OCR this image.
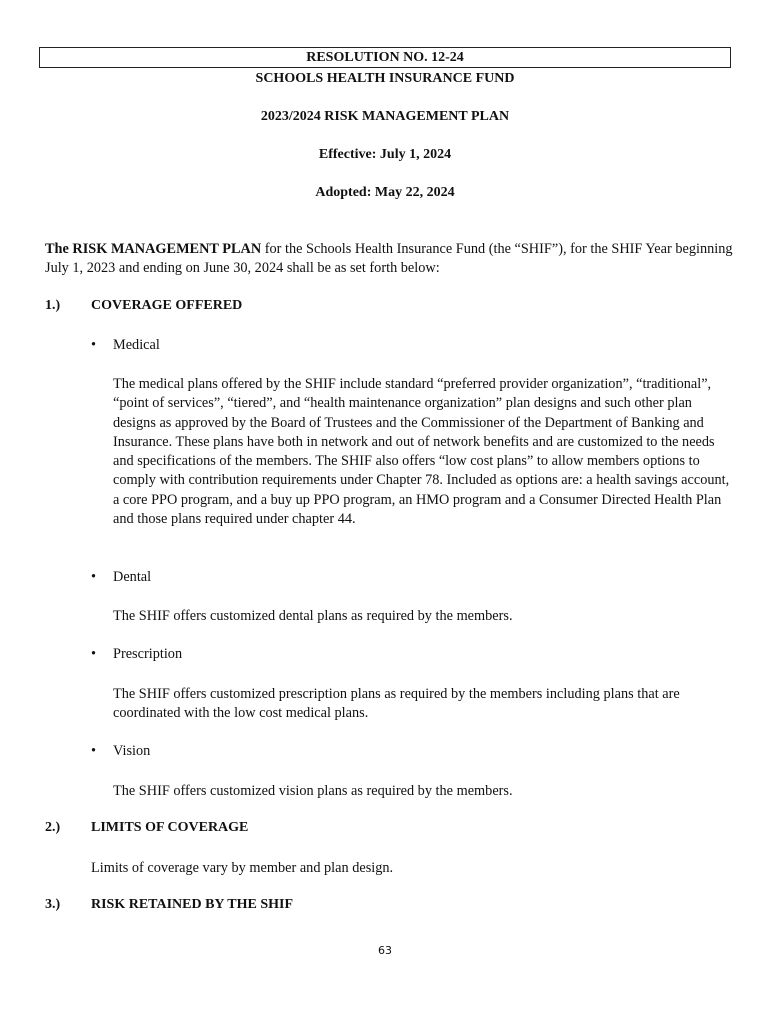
RESOLUTION NO. 12-24
SCHOOLS HEALTH INSURANCE FUND
2023/2024 RISK MANAGEMENT PLAN
Effective: July 1, 2024
Adopted: May 22, 2024
The RISK MANAGEMENT PLAN for the Schools Health Insurance Fund (the “SHIF”), for the SHIF Year beginning July 1, 2023 and ending on June 30, 2024 shall be as set forth below:
1.) COVERAGE OFFERED
• Medical
The medical plans offered by the SHIF include standard “preferred provider organization”, “traditional”, “point of services”, “tiered”, and “health maintenance organization” plan designs and such other plan designs as approved by the Board of Trustees and the Commissioner of the Department of Banking and Insurance. These plans have both in network and out of network benefits and are customized to the needs and specifications of the members. The SHIF also offers “low cost plans” to allow members options to comply with contribution requirements under Chapter 78. Included as options are: a health savings account, a core PPO program, and a buy up PPO program, an HMO program and a Consumer Directed Health Plan and those plans required under chapter 44.
• Dental
The SHIF offers customized dental plans as required by the members.
• Prescription
The SHIF offers customized prescription plans as required by the members including plans that are coordinated with the low cost medical plans.
• Vision
The SHIF offers customized vision plans as required by the members.
2.) LIMITS OF COVERAGE
Limits of coverage vary by member and plan design.
3.) RISK RETAINED BY THE SHIF
63
